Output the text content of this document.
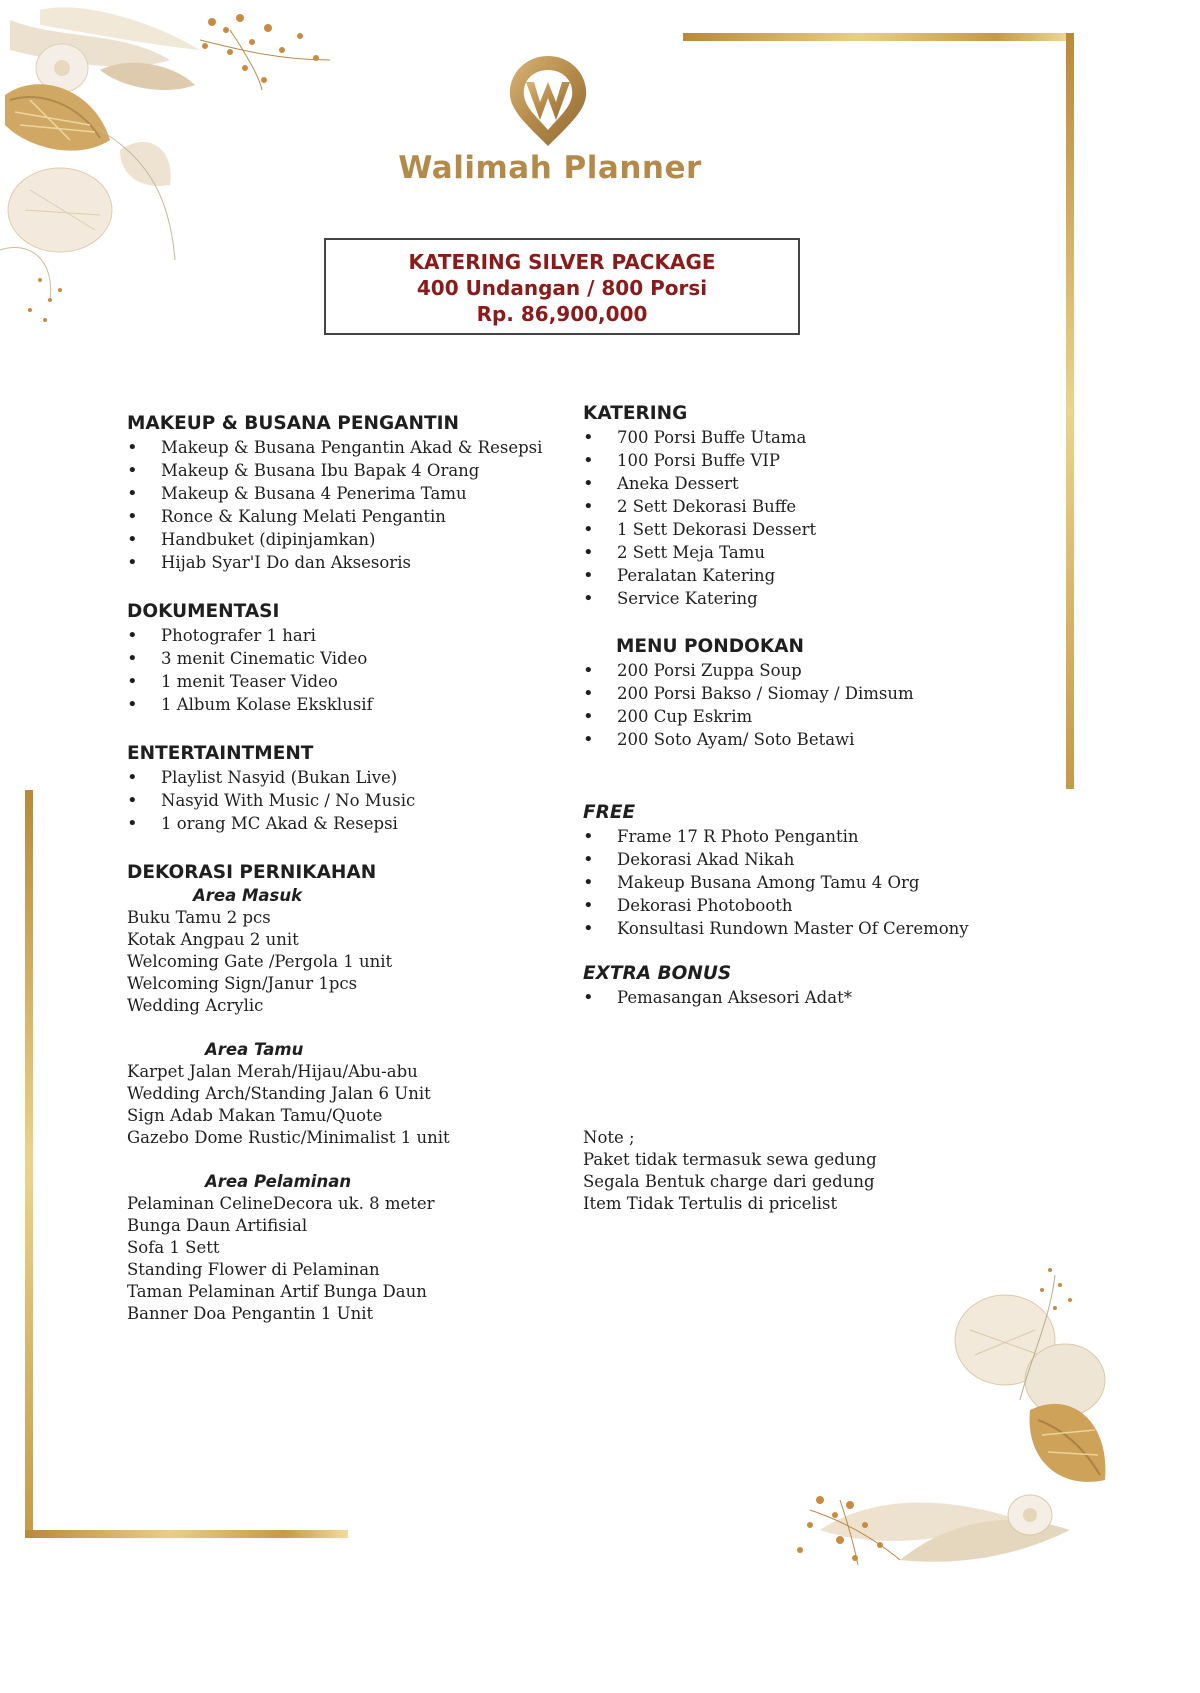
Walimah Planner
KATERING SILVER PACKAGE
400 Undangan / 800 Porsi
Rp. 86,900,000
MAKEUP & BUSANA PENGANTIN
• Makeup & Busana Pengantin Akad & Resepsi
• Makeup & Busana Ibu Bapak 4 Orang
• Makeup & Busana 4 Penerima Tamu
• Ronce & Kalung Melati Pengantin
• Handbuket (dipinjamkan)
• Hijab Syar'I Do dan Aksesoris
DOKUMENTASI
• Photografer 1 hari
• 3 menit Cinematic Video
• 1 menit Teaser Video
• 1 Album Kolase Eksklusif
ENTERTAINTMENT
• Playlist Nasyid (Bukan Live)
• Nasyid With Music / No Music
• 1 orang MC Akad & Resepsi
DEKORASI PERNIKAHAN
Area Masuk
Buku Tamu 2 pcs
Kotak Angpau 2 unit
Welcoming Gate /Pergola 1 unit
Welcoming Sign/Janur 1pcs
Wedding Acrylic
Area Tamu
Karpet Jalan Merah/Hijau/Abu-abu
Wedding Arch/Standing Jalan 6 Unit
Sign Adab Makan Tamu/Quote
Gazebo Dome Rustic/Minimalist 1 unit
Area Pelaminan
Pelaminan CelineDecora uk. 8 meter
Bunga Daun Artifisial
Sofa 1 Sett
Standing Flower di Pelaminan
Taman Pelaminan Artif Bunga Daun
Banner Doa Pengantin 1 Unit
KATERING
• 700 Porsi Buffe Utama
• 100 Porsi Buffe VIP
• Aneka Dessert
• 2 Sett Dekorasi Buffe
• 1 Sett Dekorasi Dessert
• 2 Sett Meja Tamu
• Peralatan Katering
• Service Katering
MENU PONDOKAN
• 200 Porsi Zuppa Soup
• 200 Porsi Bakso / Siomay / Dimsum
• 200 Cup Eskrim
• 200 Soto Ayam/ Soto Betawi
FREE
• Frame 17 R Photo Pengantin
• Dekorasi Akad Nikah
• Makeup Busana Among Tamu 4 Org
• Dekorasi Photobooth
• Konsultasi Rundown Master Of Ceremony
EXTRA BONUS
• Pemasangan Aksesori Adat*
Note ;
Paket tidak termasuk sewa gedung
Segala Bentuk charge dari gedung
Item Tidak Tertulis di pricelist
